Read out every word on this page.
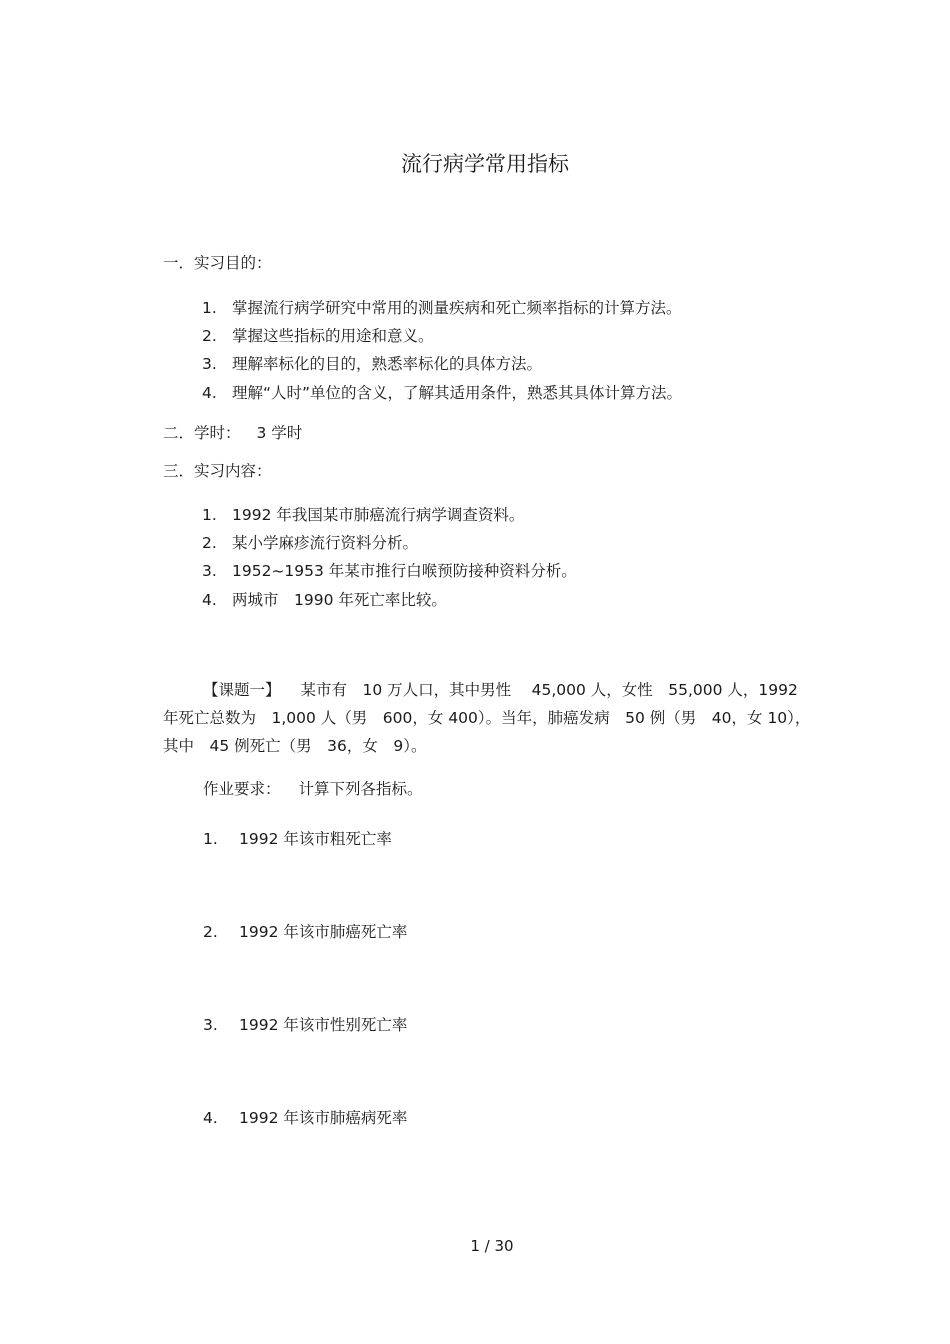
流行病学常用指标
一．实习目的：
1. 掌握流行病学研究中常用的测量疾病和死亡频率指标的计算方法。
2. 掌握这些指标的用途和意义。
3. 理解率标化的目的，熟悉率标化的具体方法。
4. 理解“人时”单位的含义，了解其适用条件，熟悉其具体计算方法。
二．学时： 3 学时
三．实习内容：
1. 1992 年我国某市肺癌流行病学调查资料。
2. 某小学麻疹流行资料分析。
3. 1952~1953 年某市推行白喉预防接种资料分析。
4. 两城市　1990 年死亡率比较。
【课题一】 某市有　10 万人口，其中男性　 45,000 人，女性　55,000 人，1992
年死亡总数为　1,000 人（男　600，女 400）。当年，肺癌发病　50 例（男　40，女 10），
其中　45 例死亡（男　36，女　9）。
作业要求： 计算下列各指标。
1. 1992 年该市粗死亡率
2. 1992 年该市肺癌死亡率
3. 1992 年该市性别死亡率
4. 1992 年该市肺癌病死率
1 / 30
